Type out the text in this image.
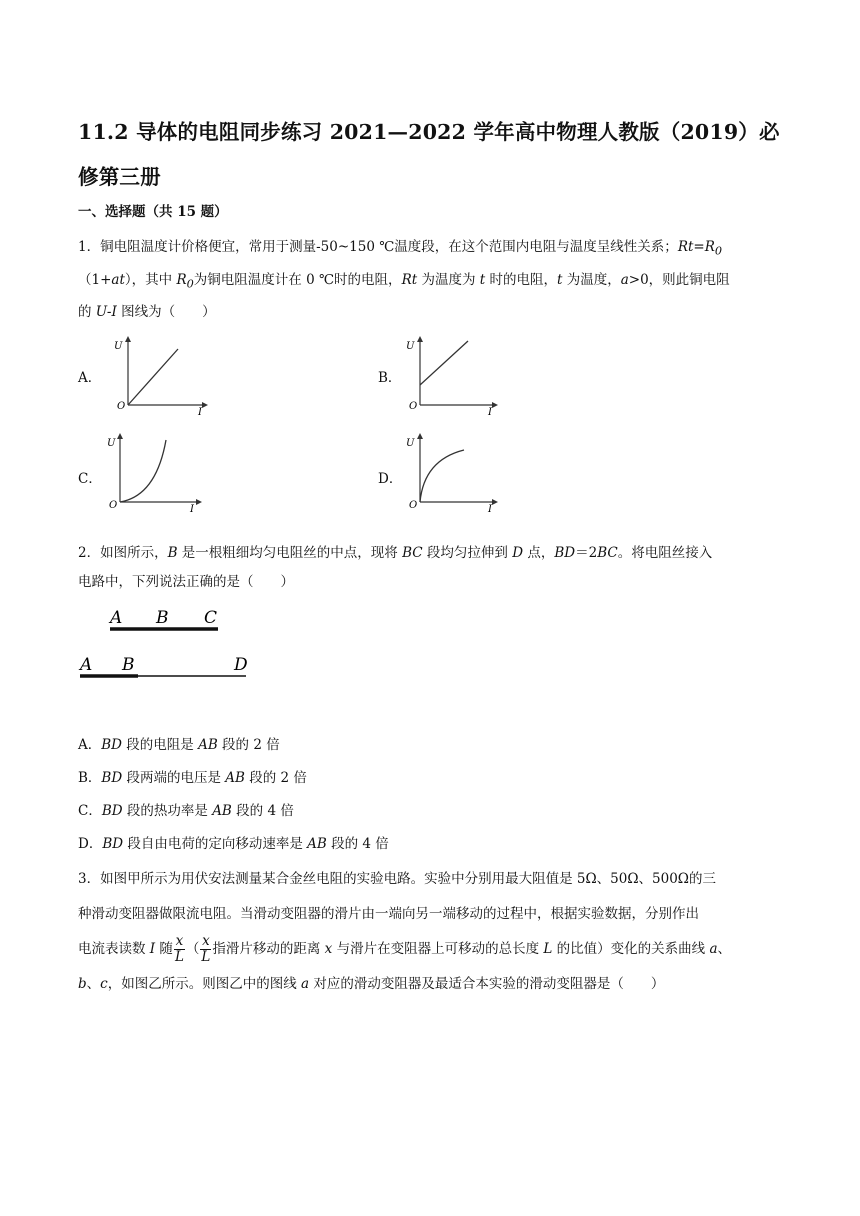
11.2 导体的电阻同步练习 2021—2022 学年高中物理人教版（2019）必修第三册
一、选择题（共 15 题）
1．铜电阻温度计价格便宜，常用于测量-50~150 ℃温度段，在这个范围内电阻与温度呈线性关系；$Rt=R_0$
（1+at），其中 $R_0$为铜电阻温度计在 0 ℃时的电阻，Rt 为温度为 t 时的电阻，t 为温度，a>0，则此铜电阻
的 U-I 图线为（　　）
A．	B．
C．	D．
U
O
I
U
O
I
U
O	I
U
O	I
2．如图所示，B 是一根粗细均匀电阻丝的中点，现将 BC 段均匀拉伸到 D 点，BD＝2BC。将电阻丝接入
电路中，下列说法正确的是（　　）
A B C
A B	D
A．BD 段的电阻是 AB 段的 2 倍
B．BD 段两端的电压是 AB 段的 2 倍
C．BD 段的热功率是 AB 段的 4 倍
D．BD 段自由电荷的定向移动速率是 AB 段的 4 倍
3．如图甲所示为用伏安法测量某合金丝电阻的实验电路。实验中分别用最大阻值是 5Ω、50Ω、500Ω的三
种滑动变阻器做限流电阻。当滑动变阻器的滑片由一端向另一端移动的过程中，根据实验数据，分别作出
电流表读数 I 随 $\frac{x}{L}$ （ $\frac{x}{L}$ 指滑片移动的距离 x 与滑片在变阻器上可移动的总长度 L 的比值）变化的关系曲线 a、
b、c，如图乙所示。则图乙中的图线 a 对应的滑动变阻器及最适合本实验的滑动变阻器是（　　）
